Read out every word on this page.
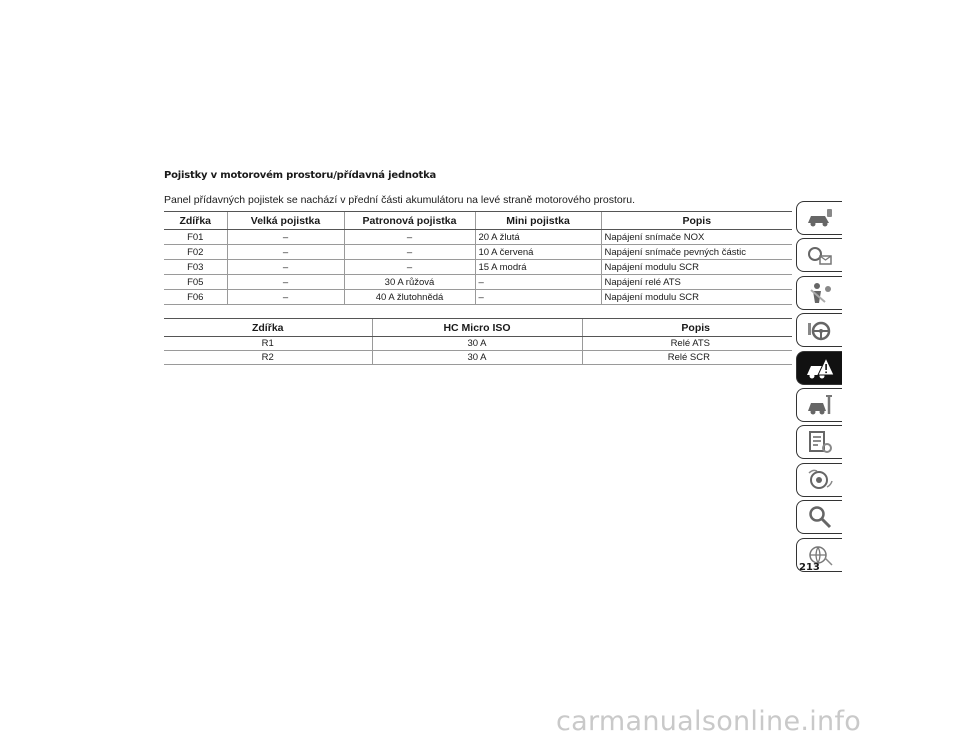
Pojistky v motorovém prostoru/přídavná jednotka
Panel přídavných pojistek se nachází v přední části akumulátoru na levé straně motorového prostoru.
Zdířka	Velká pojistka	Patronová pojistka	Mini pojistka	Popis
F01	–	–	20 A žlutá	Napájení snímače NOX
F02	–	–	10 A červená	Napájení snímače pevných částic
F03	–	–	15 A modrá	Napájení modulu SCR
F05	–	30 A růžová	–	Napájení relé ATS
F06	–	40 A žlutohnědá	–	Napájení modulu SCR
Zdířka	HC Micro ISO	Popis
R1	30 A	Relé ATS
R2	30 A	Relé SCR
213
carmanualsonline.info
